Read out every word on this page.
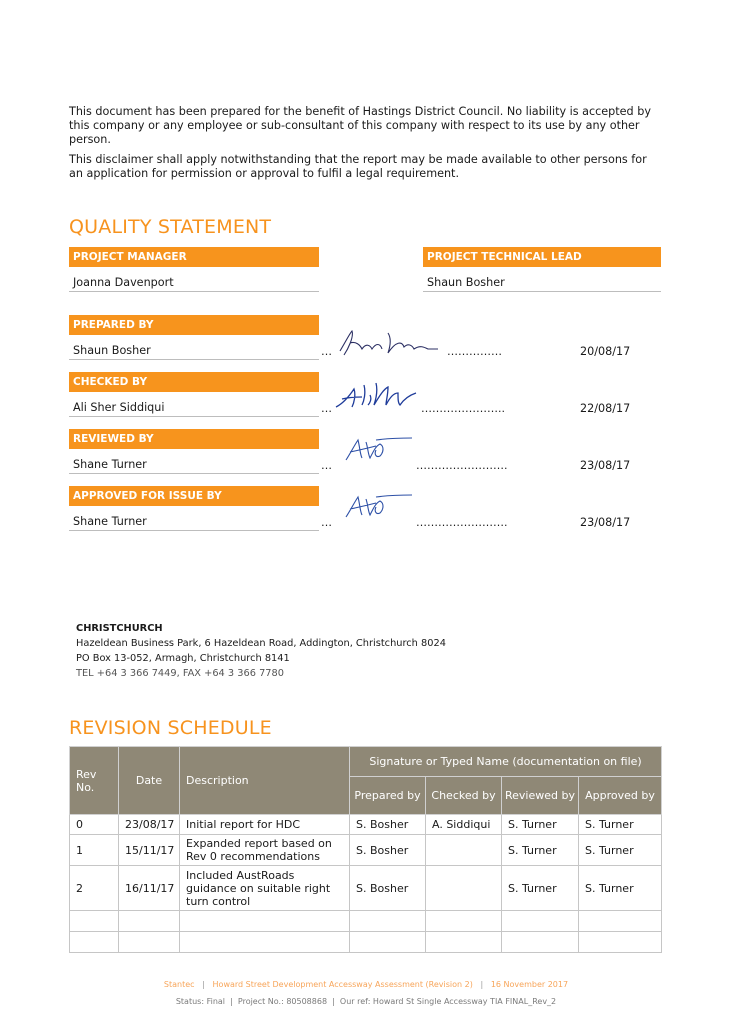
This document has been prepared for the benefit of Hastings District Council. No liability is accepted by this company or any employee or sub-consultant of this company with respect to its use by any other person.
This disclaimer shall apply notwithstanding that the report may be made available to other persons for an application for permission or approval to fulfil a legal requirement.
QUALITY STATEMENT
PROJECT MANAGER
Joanna Davenport
PROJECT TECHNICAL LEAD
Shaun Bosher
PREPARED BY
Shaun Bosher	…	……………	20/08/17
CHECKED BY
Ali Sher Siddiqui	…	…………………..	22/08/17
REVIEWED BY
Shane Turner	…	…………………….	23/08/17
APPROVED FOR ISSUE BY
Shane Turner	…	…………………….	23/08/17
CHRISTCHURCH
Hazeldean Business Park, 6 Hazeldean Road, Addington, Christchurch 8024
PO Box 13-052, Armagh, Christchurch 8141
TEL +64 3 366 7449, FAX +64 3 366 7780
REVISION SCHEDULE
Rev No.	Date	Description	Signature or Typed Name (documentation on file)			
			Prepared by	Checked by	Reviewed by	Approved by
0	23/08/17	Initial report for HDC	S. Bosher	A. Siddiqui	S. Turner	S. Turner
1	15/11/17	Expanded report based on Rev 0 recommendations	S. Bosher		S. Turner	S. Turner
2	16/11/17	Included AustRoads guidance on suitable right turn control	S. Bosher		S. Turner	S. Turner

Stantec   |   Howard Street Development Accessway Assessment (Revision 2)   |   16 November 2017
Status: Final  |  Project No.: 80508868  |  Our ref: Howard St Single Accessway TIA FINAL_Rev_2
